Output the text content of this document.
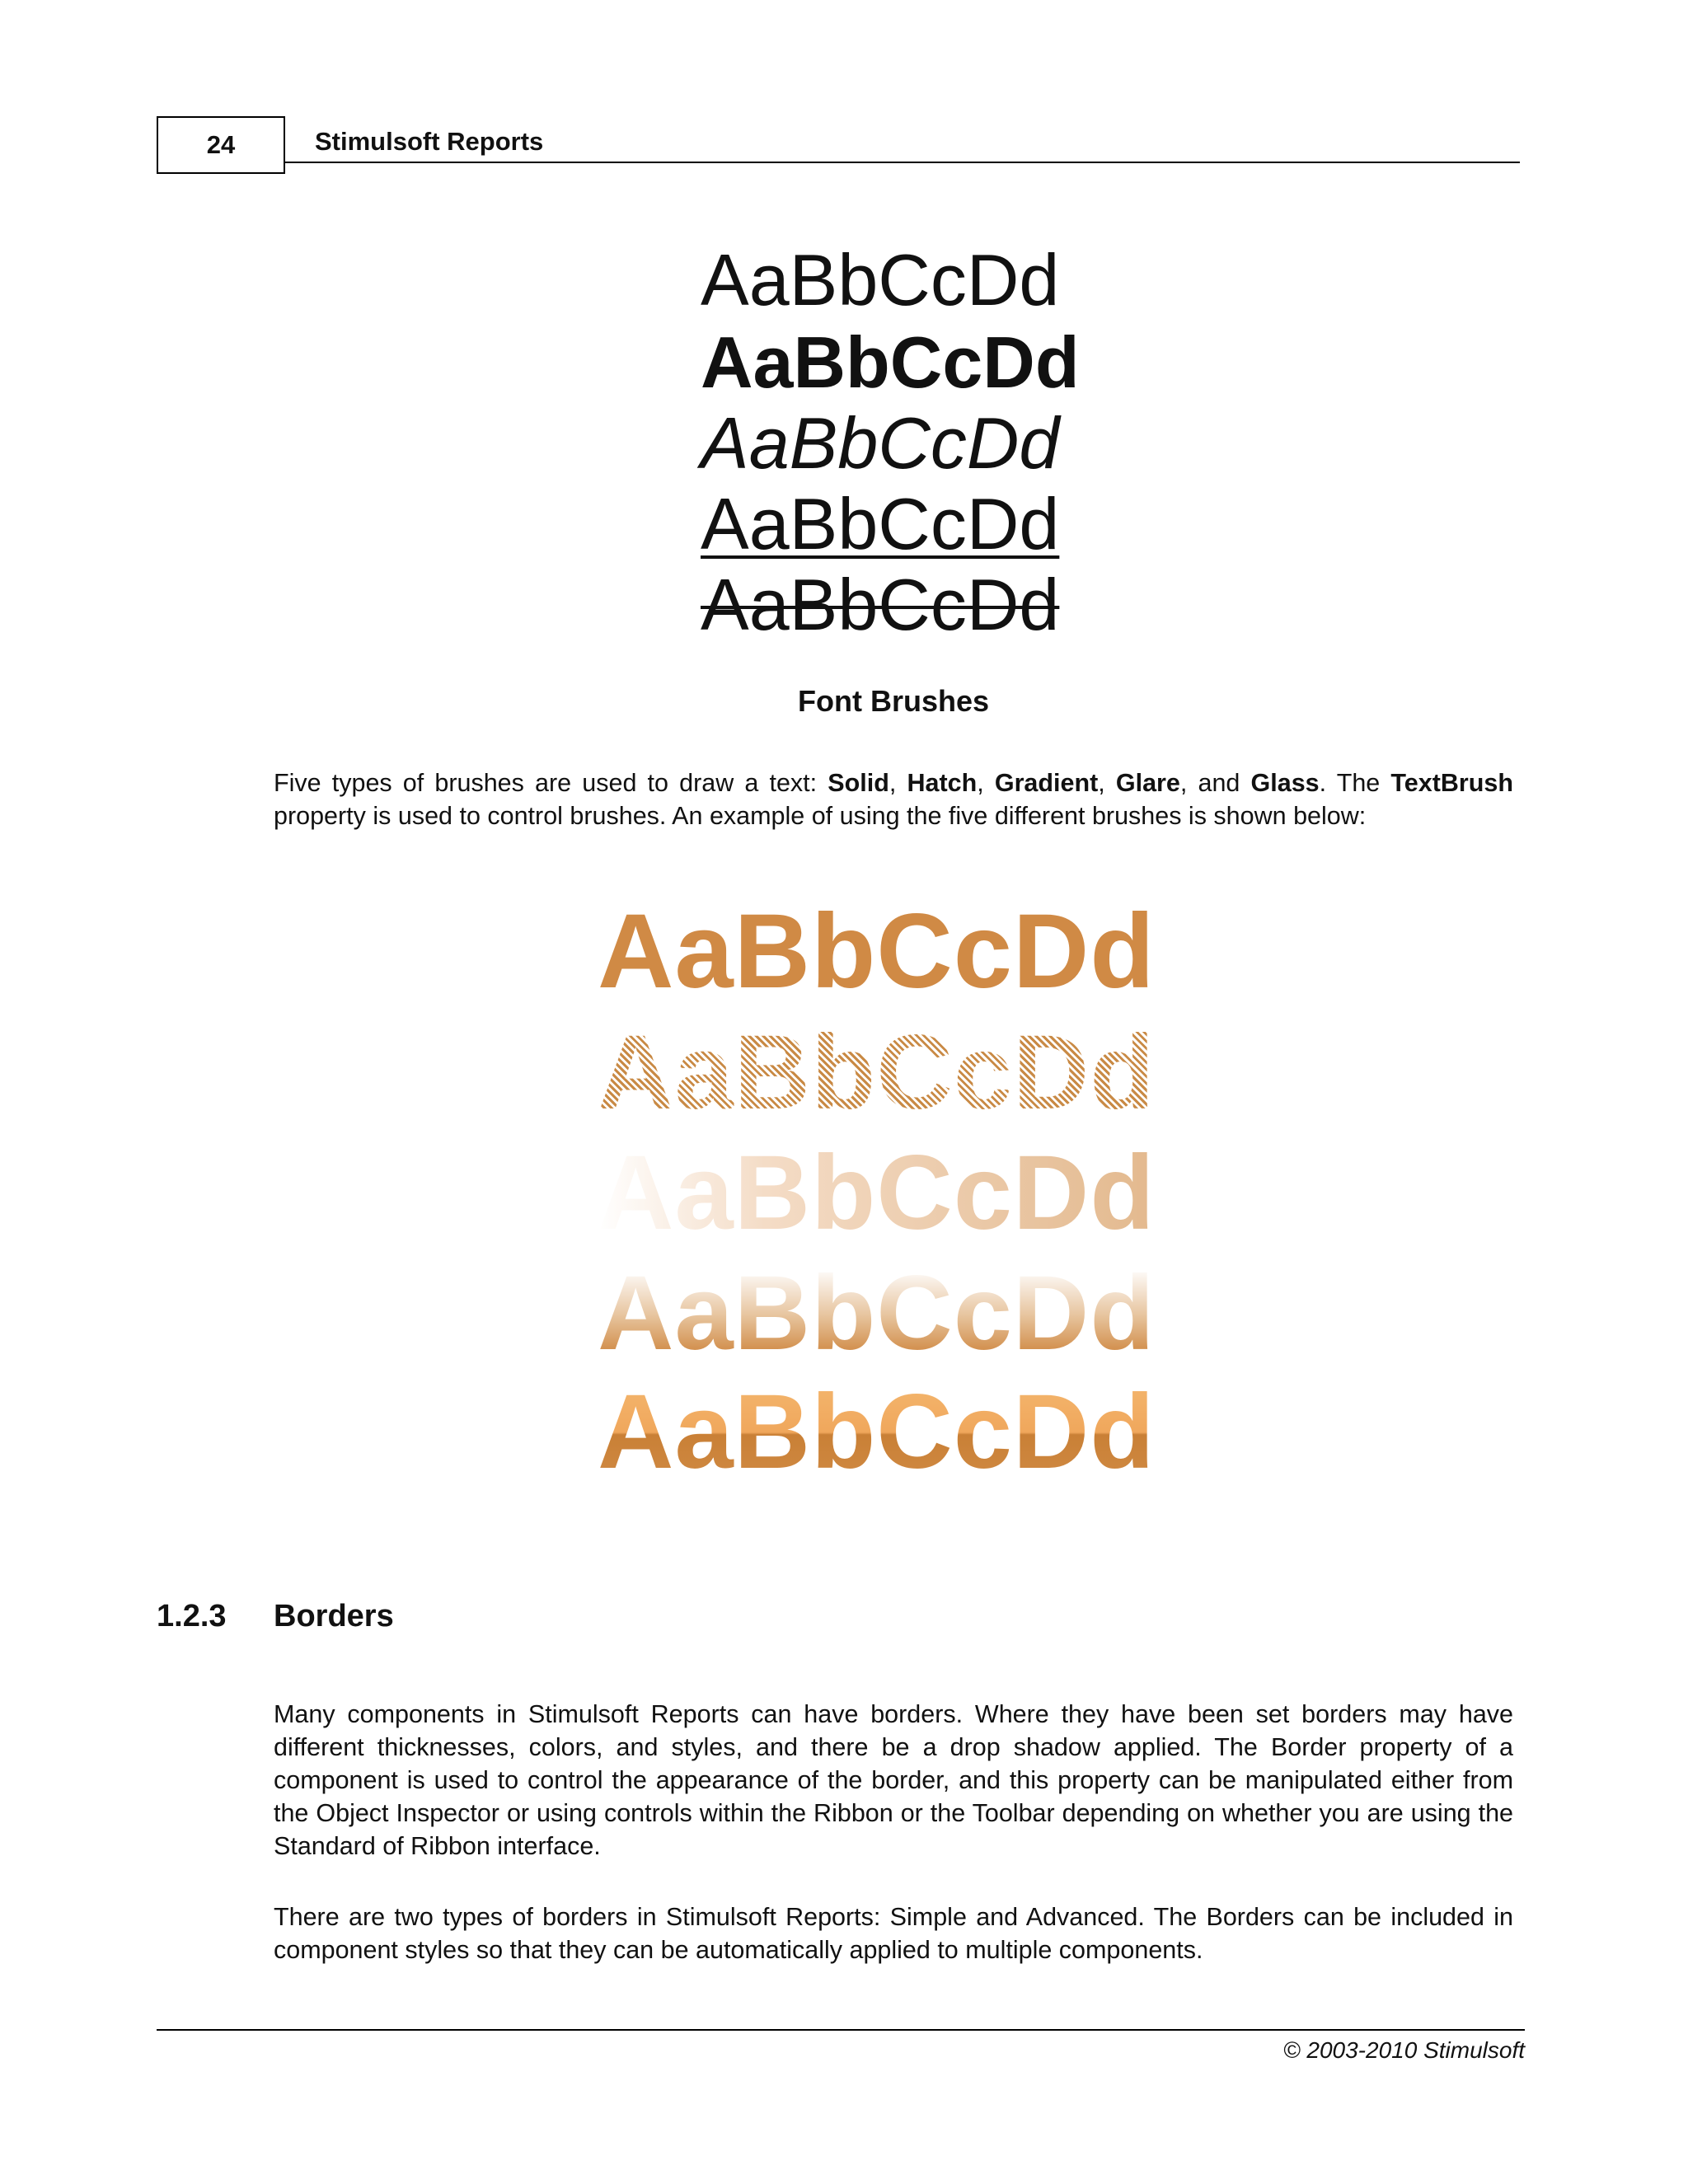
24	Stimulsoft Reports
AaBbCcDd
AaBbCcDd
AaBbCcDd
AaBbCcDd
AaBbCcDd
Font Brushes

Five types of brushes are used to draw a text: Solid, Hatch, Gradient, Glare, and Glass. The TextBrush property is used to control brushes. An example of using the five different brushes is shown below:

AaBbCcDd
AaBbCcDd
AaBbCcDd
AaBbCcDd
AaBbCcDd
1.2.3 Borders

Many components in Stimulsoft Reports can have borders. Where they have been set borders may have different thicknesses, colors, and styles, and there be a drop shadow applied. The Border property of a component is used to control the appearance of the border, and this property can be manipulated either from the Object Inspector or using controls within the Ribbon or the Toolbar depending on whether you are using the Standard of Ribbon interface.

There are two types of borders in Stimulsoft Reports: Simple and Advanced. The Borders can be included in component styles so that they can be automatically applied to multiple components.

© 2003-2010 Stimulsoft
